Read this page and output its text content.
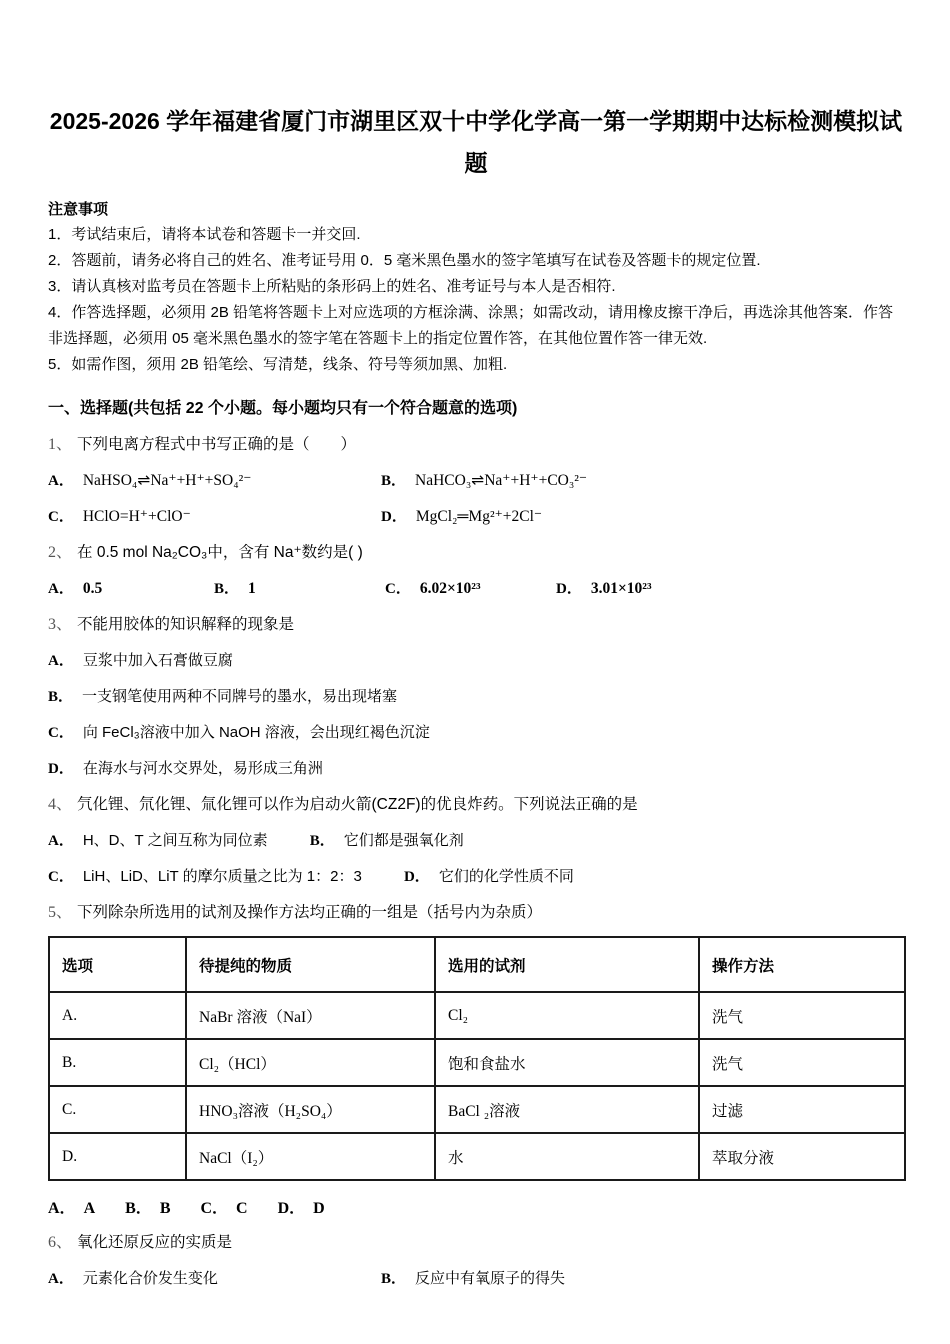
2025-2026 学年福建省厦门市湖里区双十中学化学高一第一学期期中达标检测模拟试题
注意事项

1．考试结束后，请将本试卷和答题卡一并交回.

2．答题前，请务必将自己的姓名、准考证号用 0．5 毫米黑色墨水的签字笔填写在试卷及答题卡的规定位置.

3．请认真核对监考员在答题卡上所粘贴的条形码上的姓名、准考证号与本人是否相符.

4．作答选择题，必须用 2B 铅笔将答题卡上对应选项的方框涂满、涂黑；如需改动，请用橡皮擦干净后，再选涂其他答案．作答非选择题，必须用 05 毫米黑色墨水的签字笔在答题卡上的指定位置作答，在其他位置作答一律无效.

5．如需作图，须用 2B 铅笔绘、写清楚，线条、符号等须加黑、加粗.

一、选择题(共包括 22 个小题。每小题均只有一个符合题意的选项)
1、 下列电离方程式中书写正确的是（　　）
A． NaHSO₄⇌Na⁺+H⁺+SO₄²⁻	B． NaHCO₃⇌Na⁺+H⁺+CO₃²⁻
C． HClO=H⁺+ClO⁻	D． MgCl₂═Mg²⁺+2Cl⁻
2、 在 0.5 mol Na₂CO₃中，含有 Na⁺数约是( )
A． 0.5	B． 1	C． 6.02×10²³	D． 3.01×10²³
3、 不能用胶体的知识解释的现象是
A． 豆浆中加入石膏做豆腐
B． 一支钢笔使用两种不同牌号的墨水，易出现堵塞
C． 向 FeCl₃溶液中加入 NaOH 溶液，会出现红褐色沉淀
D． 在海水与河水交界处，易形成三角洲
4、 氕化锂、氘化锂、氚化锂可以作为启动火箭(CZ2F)的优良炸药。下列说法正确的是
A． H、D、T 之间互称为同位素	B． 它们都是强氧化剂
C． LiH、LiD、LiT 的摩尔质量之比为 1：2：3	D． 它们的化学性质不同
5、 下列除杂所选用的试剂及操作方法均正确的一组是（括号内为杂质）
选项	待提纯的物质	选用的试剂	操作方法
A.	NaBr 溶液（NaI）	Cl₂	洗气
B.	Cl₂（HCl）	饱和食盐水	洗气
C.	HNO₃溶液（H₂SO₄）	BaCl ₂溶液	过滤
D.	NaCl（I₂）	水	萃取分液
A． A B． B C． C D． D
6、 氧化还原反应的实质是
A． 元素化合价发生变化	B． 反应中有氧原子的得失
